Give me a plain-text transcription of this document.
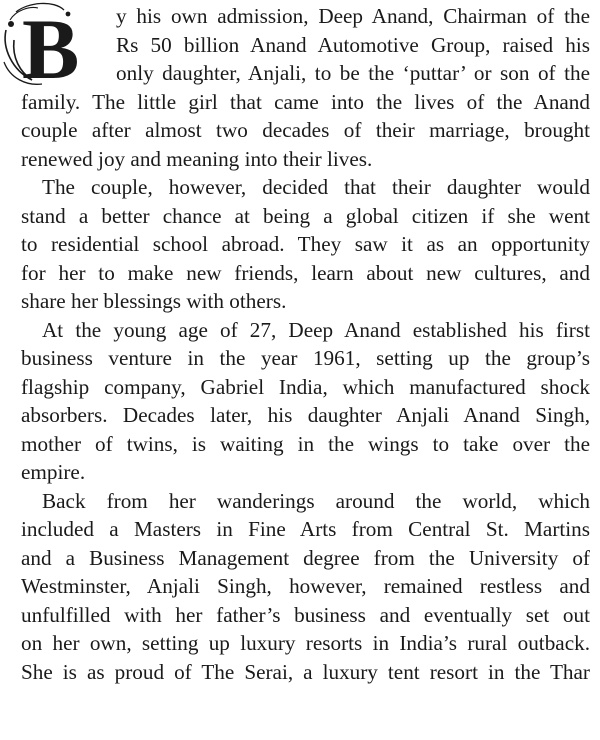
B	y his own admission, Deep Anand, Chairman of the
Rs 50 billion Anand Automotive Group, raised his
only daughter, Anjali, to be the ‘puttar’ or son of the
family. The little girl that came into the lives of the Anand
couple after almost two decades of their marriage, brought
renewed joy and meaning into their lives.

The couple, however, decided that their daughter would
stand a better chance at being a global citizen if she went
to residential school abroad. They saw it as an opportunity
for her to make new friends, learn about new cultures, and
share her blessings with others.

At the young age of 27, Deep Anand established his first
business venture in the year 1961, setting up the group’s
flagship company, Gabriel India, which manufactured shock
absorbers. Decades later, his daughter Anjali Anand Singh,
mother of twins, is waiting in the wings to take over the
empire.

Back from her wanderings around the world, which
included a Masters in Fine Arts from Central St. Martins
and a Business Management degree from the University of
Westminster, Anjali Singh, however, remained restless and
unfulfilled with her father’s business and eventually set out
on her own, setting up luxury resorts in India’s rural outback.
She is as proud of The Serai, a luxury tent resort in the Thar
